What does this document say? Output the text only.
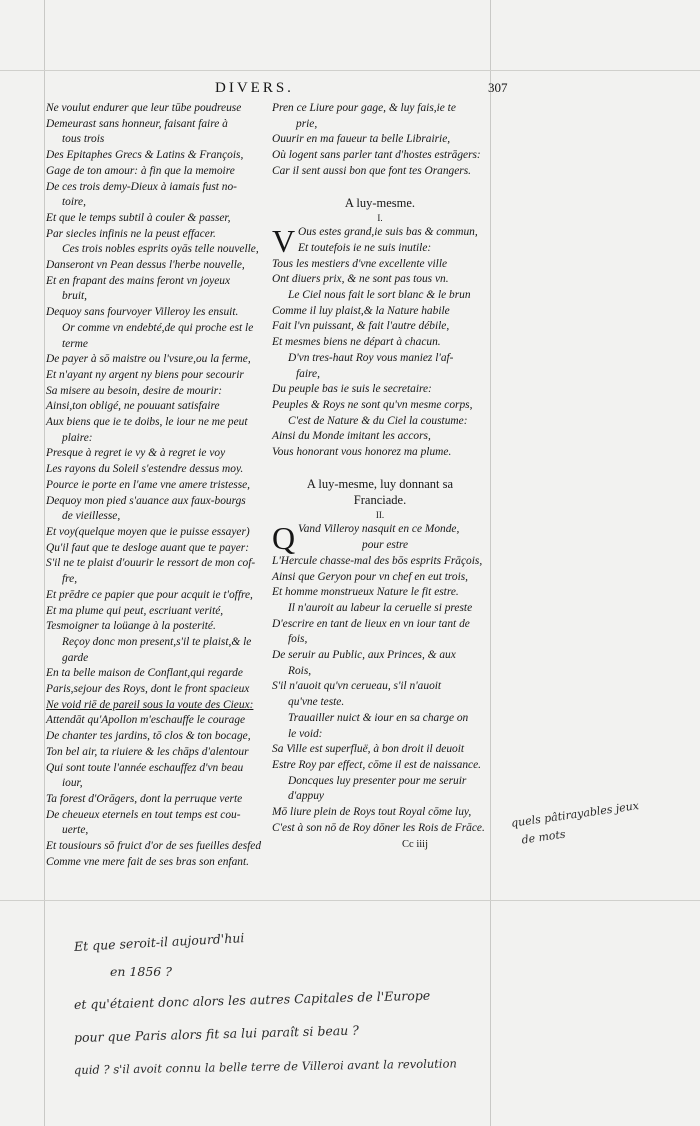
DIVERS.	307
Ne voulut endurer que leur tūbe poudreuse
Demeurast sans honneur, faisant faire à
tous trois
Des Epitaphes Grecs & Latins & François,
Gage de ton amour: à fin que la memoire
De ces trois demy-Dieux à iamais fust no-
toire,
Et que le temps subtil à couler & passer,
Par siecles infinis ne la peust effacer.
Ces trois nobles esprits oyās telle nouvelle,
Danseront vn Pean dessus l'herbe nouvelle,
Et en frapant des mains feront vn joyeux
bruit,
Dequoy sans fourvoyer Villeroy les ensuit.
Or comme vn endebté,de qui proche est le
terme
De payer à sō maistre ou l'vsure,ou la ferme,
Et n'ayant ny argent ny biens pour secourir
Sa misere au besoin, desire de mourir:
Ainsi,ton obligé, ne pouuant satisfaire
Aux biens que ie te doibs, le iour ne me peut
plaire:
Presque à regret ie vy & à regret ie voy
Les rayons du Soleil s'estendre dessus moy.
Pource ie porte en l'ame vne amere tristesse,
Dequoy mon pied s'auance aux faux-bourgs
de vieillesse,
Et voy(quelque moyen que ie puisse essayer)
Qu'il faut que te desloge auant que te payer:
S'il ne te plaist d'ouurir le ressort de mon cof-
fre,
Et prēdre ce papier que pour acquit ie t'offre,
Et ma plume qui peut, escriuant verité,
Tesmoigner ta loüange à la posterité.
Reçoy donc mon present,s'il te plaist,& le
garde
En ta belle maison de Conflant,qui regarde
Paris,sejour des Roys, dont le front spacieux
Ne void riē de pareil sous la voute des Cieux:
Attendāt qu'Apollon m'eschauffe le courage
De chanter tes jardins, tō clos & ton bocage,
Ton bel air, ta riuiere & les chāps d'alentour
Qui sont toute l'année eschauffez d'vn beau
iour,
Ta forest d'Orāgers, dont la perruque verte
De cheueux eternels en tout temps est cou-
uerte,
Et tousiours sō fruict d'or de ses fueilles desfed
Comme vne mere fait de ses bras son enfant.
Pren ce Liure pour gage, & luy fais,ie te
prie,
Ouurir en ma faueur ta belle Librairie,
Où logent sans parler tant d'hostes estrāgers:
Car il sent aussi bon que font tes Orangers.
A luy-mesme.
I.
V Ous estes grand,ie suis bas & commun,
Et toutefois ie ne suis inutile:
Tous les mestiers d'vne excellente ville
Ont diuers prix, & ne sont pas tous vn.
Le Ciel nous fait le sort blanc & le brun
Comme il luy plaist,& la Nature habile
Fait l'vn puissant, & fait l'autre débile,
Et mesmes biens ne départ à chacun.
D'vn tres-haut Roy vous maniez l'af-
faire,
Du peuple bas ie suis le secretaire:
Peuples & Roys ne sont qu'vn mesme corps,
C'est de Nature & du Ciel la coustume:
Ainsi du Monde imitant les accors,
Vous honorant vous honorez ma plume.
A luy-mesme, luy donnant sa
Franciade.
II.
Q Vand Villeroy nasquit en ce Monde,
pour estre
L'Hercule chasse-mal des bōs esprits Frāçois,
Ainsi que Geryon pour vn chef en eut trois,
Et homme monstrueux Nature le fit estre.
Il n'auroit au labeur la ceruelle si preste
D'escrire en tant de lieux en vn iour tant de
fois,
De seruir au Public, aux Princes, & aux
Rois,
S'il n'auoit qu'vn cerueau, s'il n'auoit
qu'vne teste.
Trauailler nuict & iour en sa charge on
le void:
Sa Ville est superfluë, à bon droit il deuoit
Estre Roy par effect, cōme il est de naissance.
Doncques luy presenter pour me seruir
d'appuy
Mō liure plein de Roys tout Royal cōme luy,
C'est à son nō de Roy dōner les Rois de Frāce.
Cc iiij
quels pâtirayables jeux
de mots
Et que seroit-il aujourd'hui
en 1856 ?
et qu'étaient donc alors les autres Capitales de l'Europe
pour que Paris alors fit sa lui paraît si beau ?
quid ? s'il avoit connu la belle terre de Villeroi avant la revolution
